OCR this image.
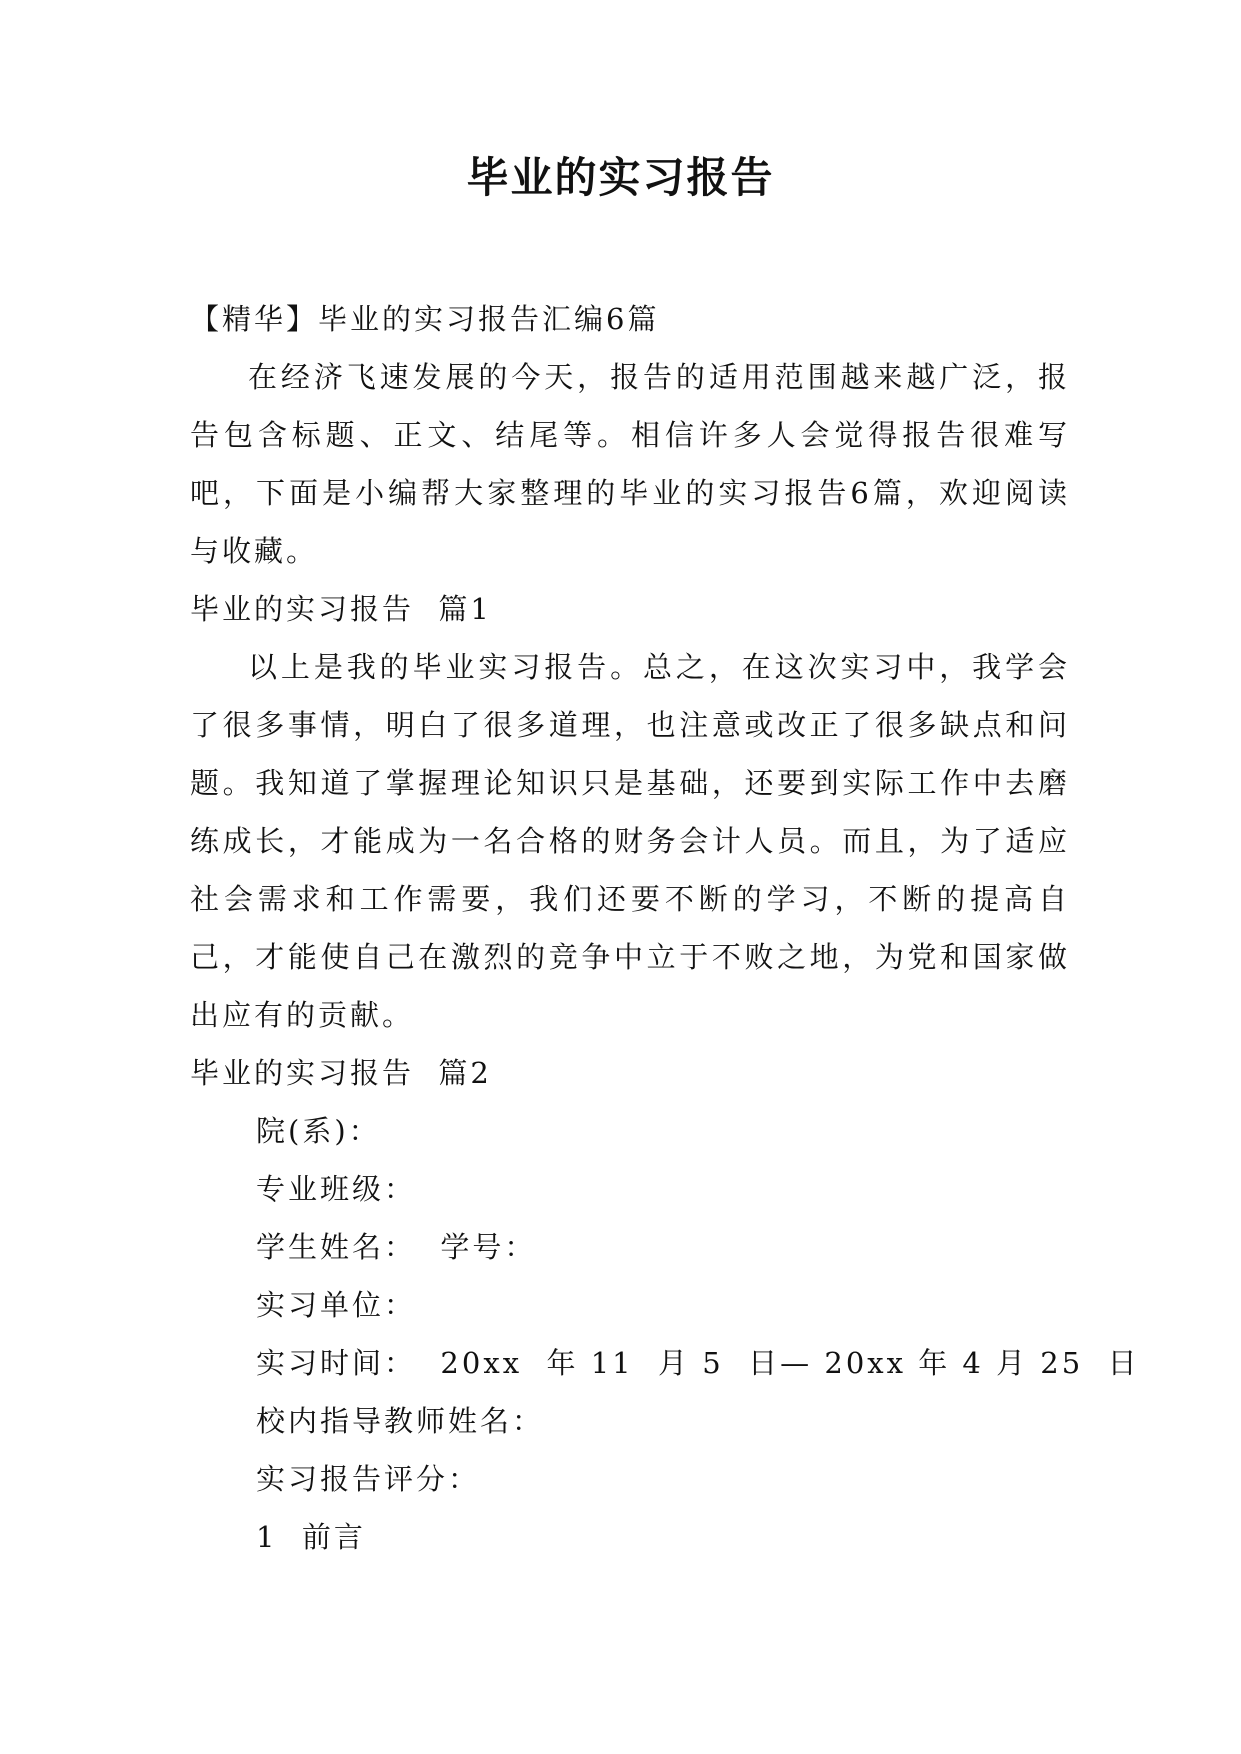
毕业的实习报告
【精华】毕业的实习报告汇编6篇

在经济飞速发展的今天，报告的适用范围越来越广泛，报告包含标题、正文、结尾等。相信许多人会觉得报告很难写吧，下面是小编帮大家整理的毕业的实习报告6篇，欢迎阅读与收藏。

毕业的实习报告  篇1

以上是我的毕业实习报告。总之，在这次实习中，我学会了很多事情，明白了很多道理，也注意或改正了很多缺点和问题。我知道了掌握理论知识只是基础，还要到实际工作中去磨练成长，才能成为一名合格的财务会计人员。而且，为了适应社会需求和工作需要，我们还要不断的学习，不断的提高自己，才能使自己在激烈的竞争中立于不败之地，为党和国家做出应有的贡献。

毕业的实习报告  篇2
院(系)：
专业班级：
学生姓名：  学号：
实习单位：
实习时间：  20xx  年 11  月 5  日— 20xx 年 4 月 25  日
校内指导教师姓名：
实习报告评分：
1  前言
